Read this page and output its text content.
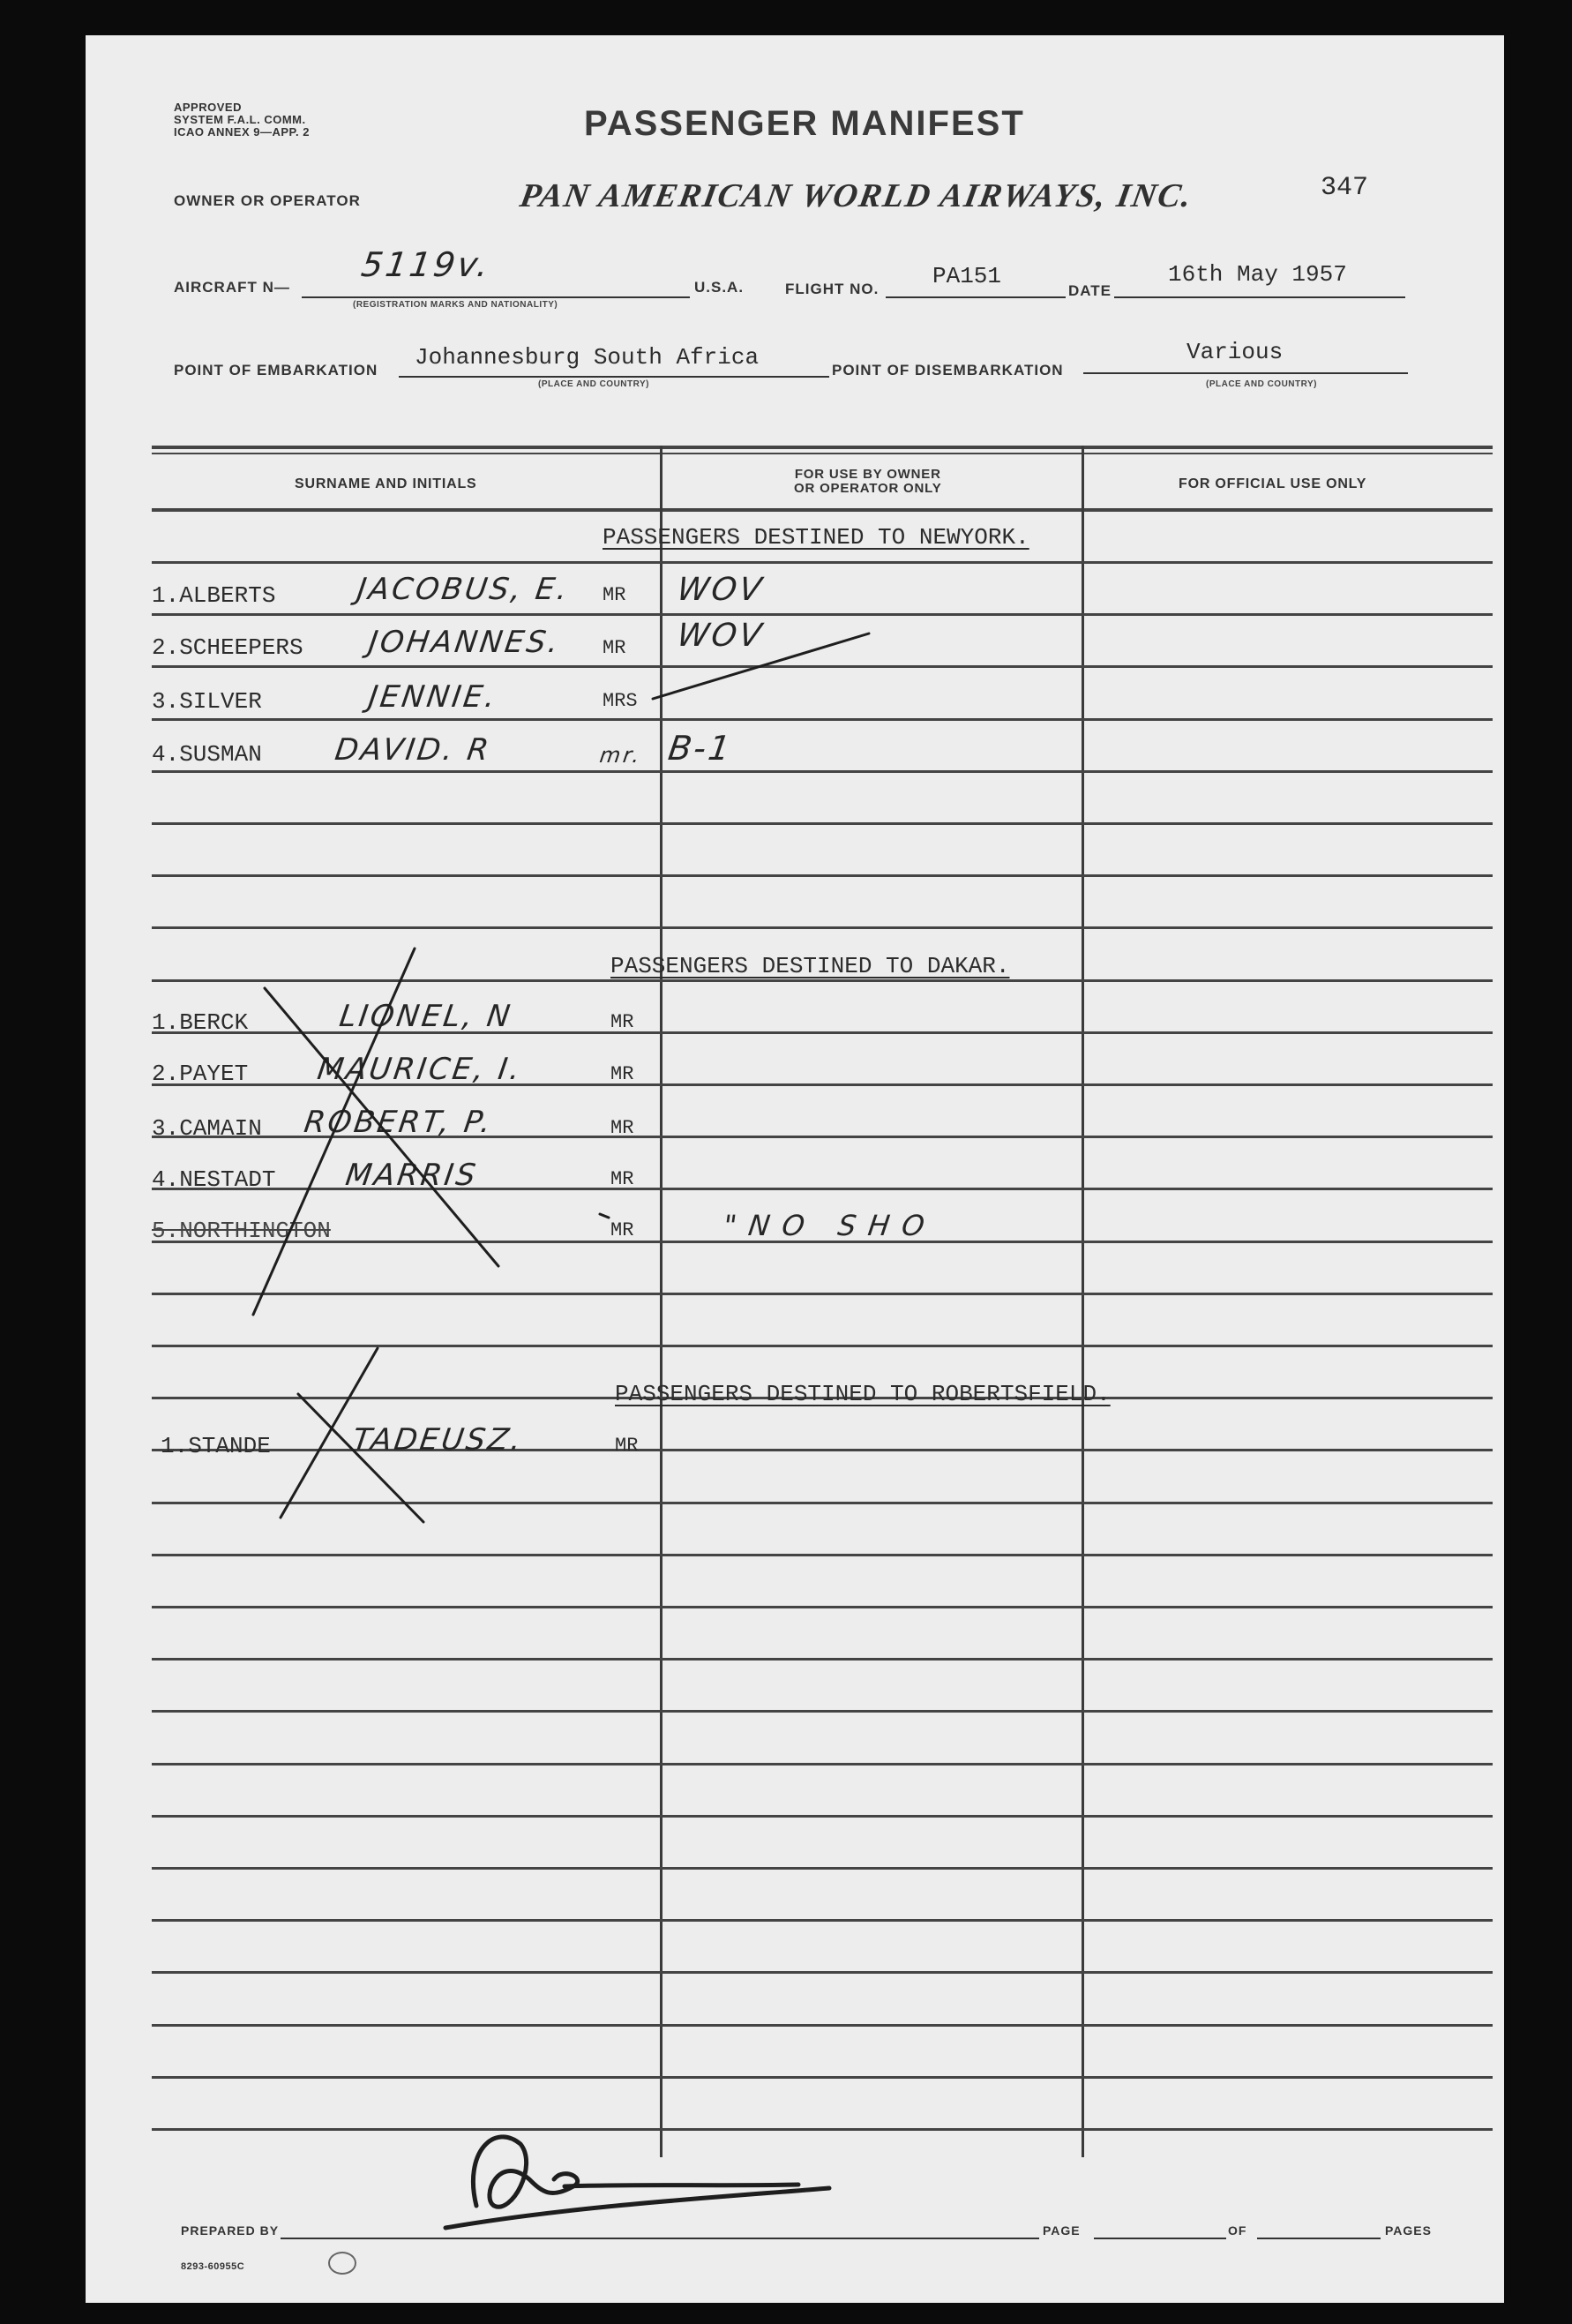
APPROVED
SYSTEM F.A.L. COMM.
ICAO ANNEX 9—APP. 2	PASSENGER MANIFEST
OWNER OR OPERATOR	PAN AMERICAN WORLD AIRWAYS, INC.	347
AIRCRAFT N—
5119v.
(REGISTRATION MARKS AND NATIONALITY)
U.S.A.	FLIGHT NO. PA151
DATE
16th May 1957
POINT OF EMBARKATION Johannesburg South Africa
(PLACE AND COUNTRY)
POINT OF DISEMBARKATION
Various
(PLACE AND COUNTRY)
SURNAME AND INITIALS
FOR USE BY OWNER
OR OPERATOR ONLY	FOR OFFICIAL USE ONLY
PASSENGERS DESTINED TO NEWYORK.
1.ALBERTS	JACOBUS, E. MR WOV
2.SCHEEPERS JOHANNES. MR WOV
3.SILVER	JENNIE.	MRS
4.SUSMAN DAVID. R	mr. B-1
PASSENGERS DESTINED TO DAKAR.
1.BERCK	LIONEL, N	MR
2.PAYET MAURICE, I.	MR
3.CAMAIN ROBERT, P.	MR
4.NESTADT MARRIS	MR
5.NORTHINGTON	MR	"NO SHO
PASSENGERS DESTINED TO ROBERTSFIELD.
1.STANDE	TADEUSZ.	MR
PREPARED BY	PAGE	OF	PAGES
8293-60955C
